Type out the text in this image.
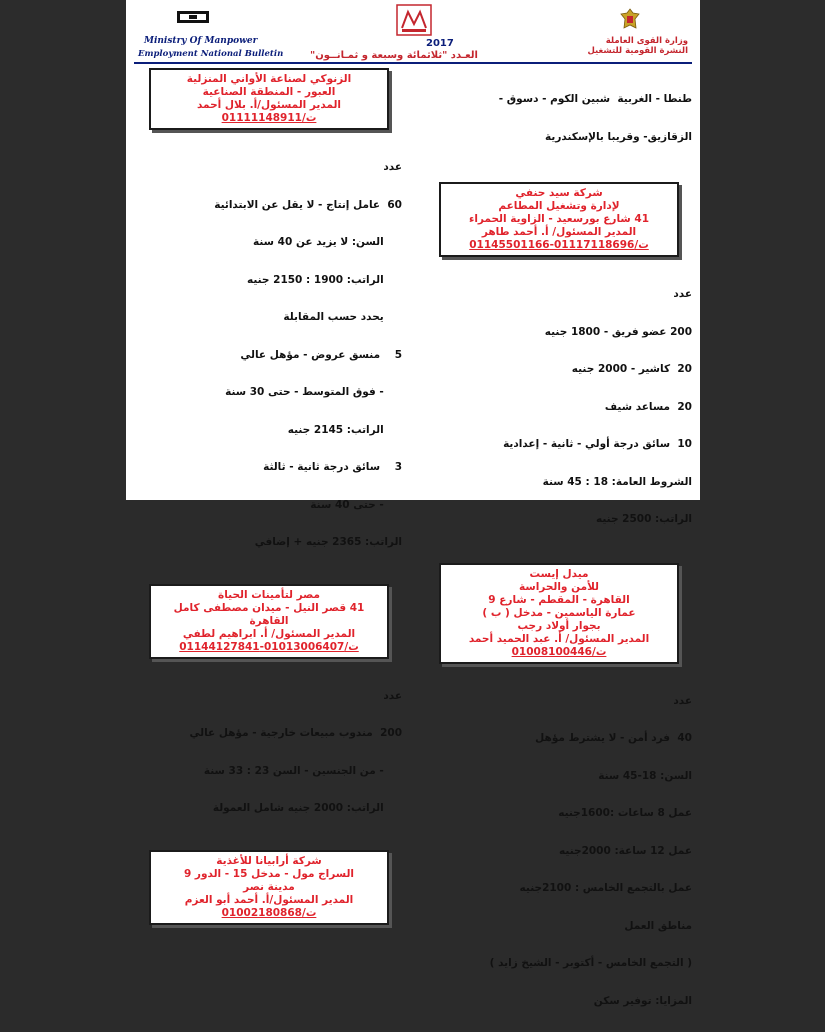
Ministry Of Manpower
Employment National Bulletin
2017
العـدد "ثلاثمائة وسبعة و ثمـانــون"
وزارة القوى العاملة
النشرة القومية للتشغيل

طنطا - الغربية  شبين الكوم - دسوق -

الزقازيق- وقريبا بالإسكندرية

شركة سيد حنفي
لإدارة وتشغيل المطاعم
41 شارع بورسعيد - الزاوية الحمراء
المدير المسئول/ أ. أحمد طاهر
ت/01117118696-01145501166

عدد

200 عضو فريق - 1800 جنيه

20  كاشير - 2000 جنيه

20  مساعد شيف

10  سائق درجة أولي - ثانية - إعدادية

الشروط العامة: 18 : 45 سنة

الراتب: 2500 جنيه

ميدل إيست
للأمن والحراسة
القاهرة - المقطم - شارع 9
عمارة الياسمين - مدخل ( ب )
بجوار أولاد رجب
المدير المسئول/ أ. عبد الحميد أحمد
ت/01008100446

عدد

40  فرد أمن - لا يشترط مؤهل

السن: 18-45 سنة

عمل 8 ساعات :1600جنيه

عمل 12 ساعة: 2000جنيه

عمل بالتجمع الخامس : 2100جنيه

مناطق العمل

( التجمع الخامس - أكتوبر - الشيخ زايد )

المزايا: توفير سكن

الزنوكي لصناعة الأواني المنزلية
العبور - المنطقة الصناعية
المدير المسئول/أ. بلال أحمد
ت/01111148911

عدد

60  عامل إنتاج - لا يقل عن الابتدائية

السن: لا يزيد عن 40 سنة

الراتب: 1900 : 2150 جنيه

يحدد حسب المقابلة

5    منسق عروض - مؤهل عالي

- فوق المتوسط - حتى 30 سنة

الراتب: 2145 جنيه

3    سائق درجة ثانية - ثالثة

- حتى 40 سنة

الراتب: 2365 جنيه + إضافي

مصر لتأمينات الحياة
41 قصر النيل - ميدان مصطفى كامل
القاهرة
المدير المسئول/ أ. ابراهيم لطفي
ت/01013006407-01144127841

عدد

200  مندوب مبيعات خارجية - مؤهل عالي

- من الجنسين - السن 23 : 33 سنة

الراتب: 2000 جنيه شامل العمولة

شركة أرابيانا للأغذية
السراج مول - مدخل 15 - الدور 9
مدينة نصر
المدير المسئول/أ. أحمد أبو العزم
ت/01002180868
